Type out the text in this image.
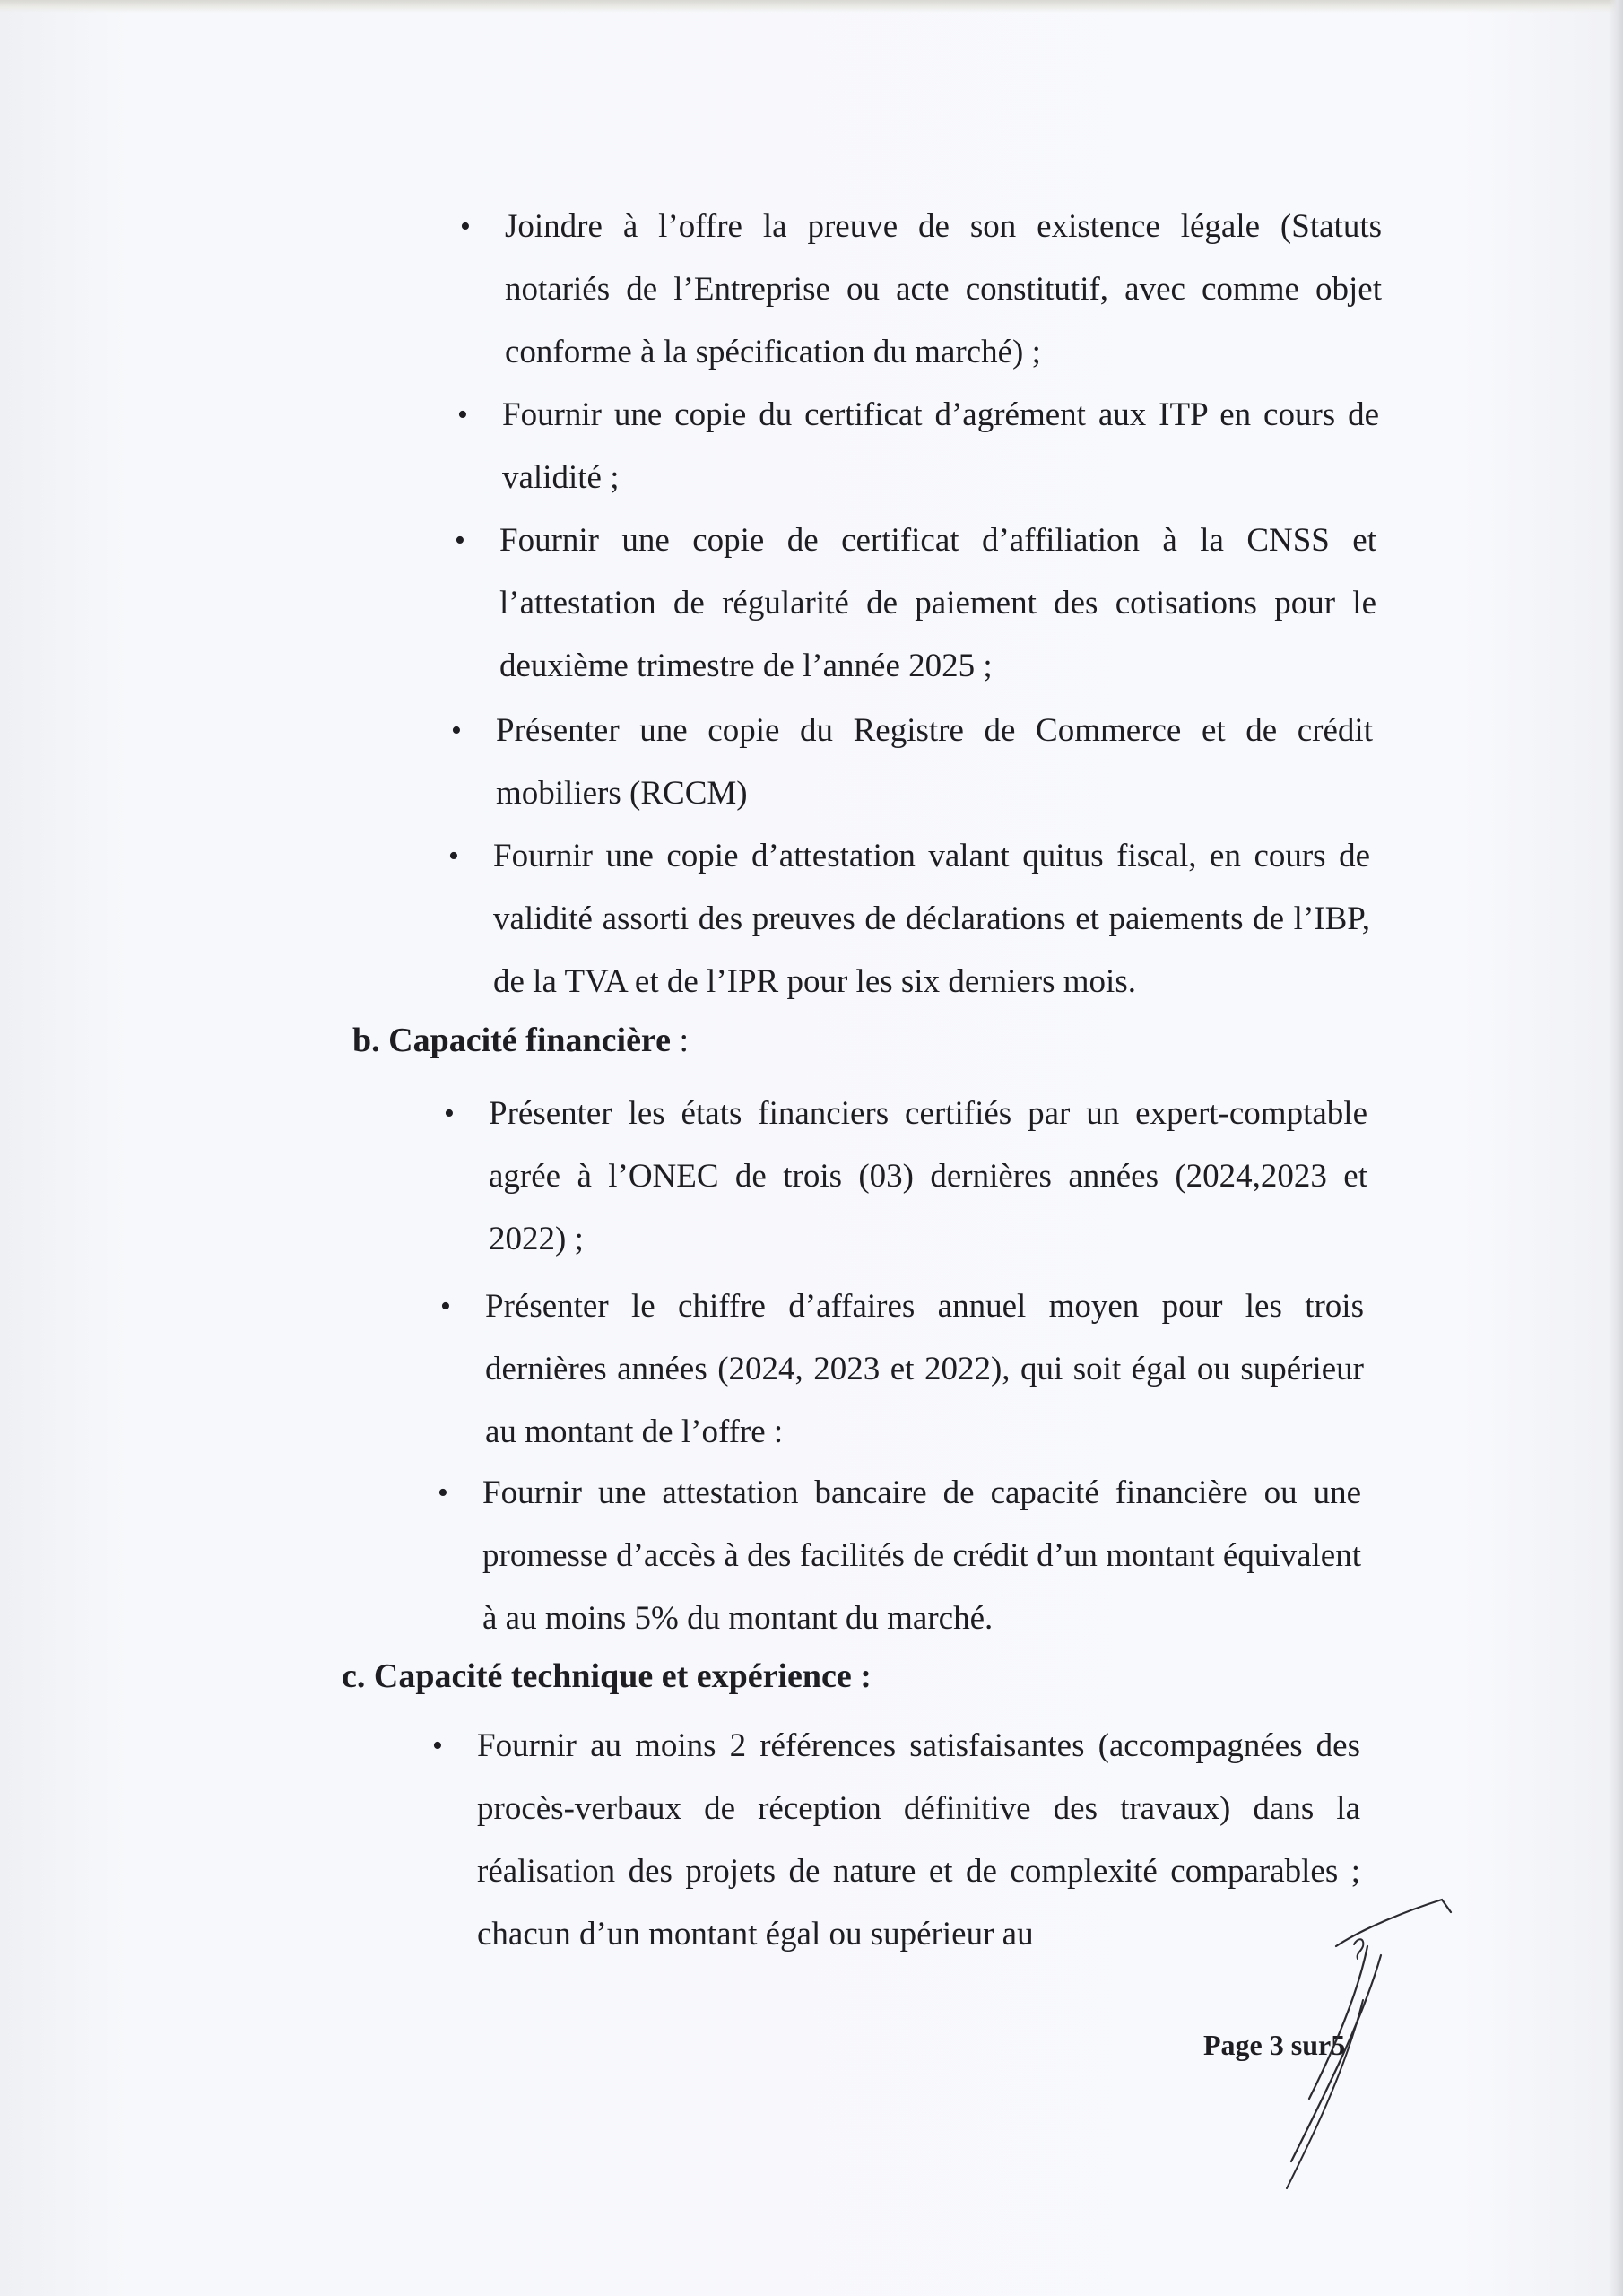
• Joindre à l’offre la preuve de son existence légale (Statuts notariés de l’Entreprise ou acte constitutif, avec comme objet conforme à la spécification du marché) ;
• Fournir une copie du certificat d’agrément aux ITP en cours de validité ;
• Fournir une copie de certificat d’affiliation à la CNSS et l’attestation de régularité de paiement des cotisations pour le deuxième trimestre de l’année 2025 ;
• Présenter une copie du Registre de Commerce et de crédit mobiliers (RCCM)
• Fournir une copie d’attestation valant quitus fiscal, en cours de validité assorti des preuves de déclarations et paiements de l’IBP, de la TVA et de l’IPR pour les six derniers mois.
b. Capacité financière :
• Présenter les états financiers certifiés par un expert-comptable agrée à l’ONEC de trois (03) dernières années (2024,2023 et 2022) ;
• Présenter le chiffre d’affaires annuel moyen pour les trois dernières années (2024, 2023 et 2022), qui soit égal ou supérieur au montant de l’offre :
• Fournir une attestation bancaire de capacité financière ou une promesse d’accès à des facilités de crédit d’un montant équivalent à au moins 5% du montant du marché.
c. Capacité technique et expérience :
• Fournir au moins 2 références satisfaisantes (accompagnées des procès-verbaux de réception définitive des travaux) dans la réalisation des projets de nature et de complexité comparables ; chacun d’un montant égal ou supérieur au
Page 3 sur5
